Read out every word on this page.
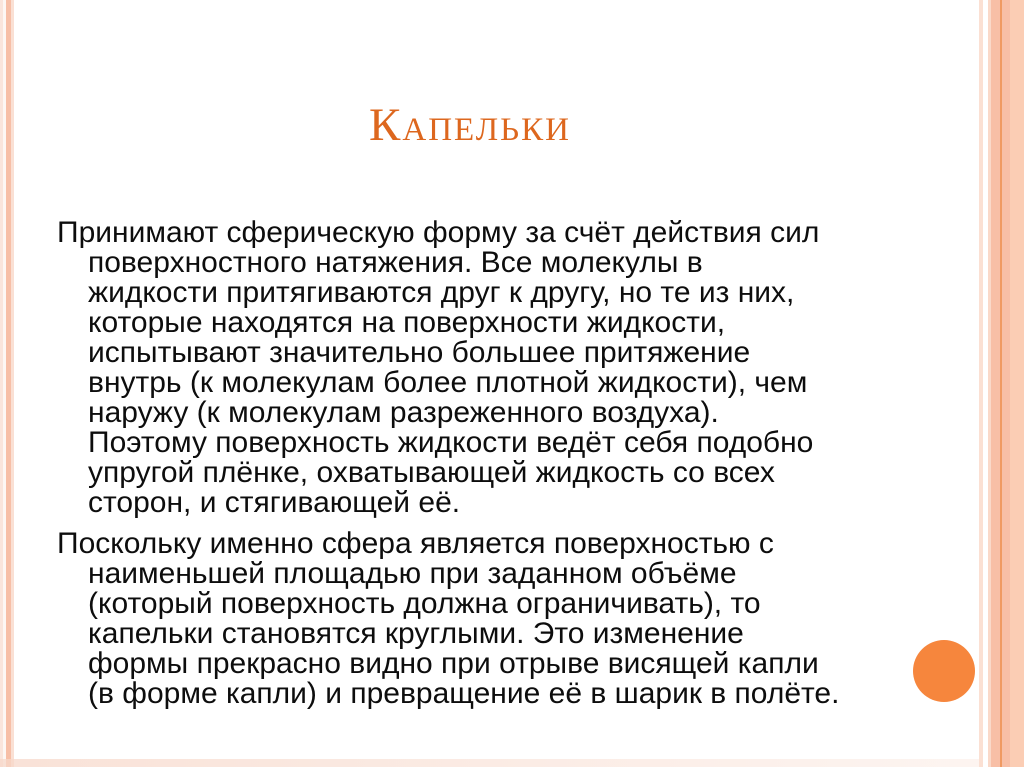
Капельки
Принимают сферическую форму за счёт действия сил
поверхностного натяжения. Все молекулы в
жидкости притягиваются друг к другу, но те из них,
которые находятся на поверхности жидкости,
испытывают значительно большее притяжение
внутрь (к молекулам более плотной жидкости), чем
наружу (к молекулам разреженного воздуха).
Поэтому поверхность жидкости ведёт себя подобно
упругой плёнке, охватывающей жидкость со всех
сторон, и стягивающей её.
Поскольку именно сфера является поверхностью с
наименьшей площадью при заданном объёме
(который поверхность должна ограничивать), то
капельки становятся круглыми. Это изменение
формы прекрасно видно при отрыве висящей капли
(в форме капли) и превращение её в шарик в полёте.
